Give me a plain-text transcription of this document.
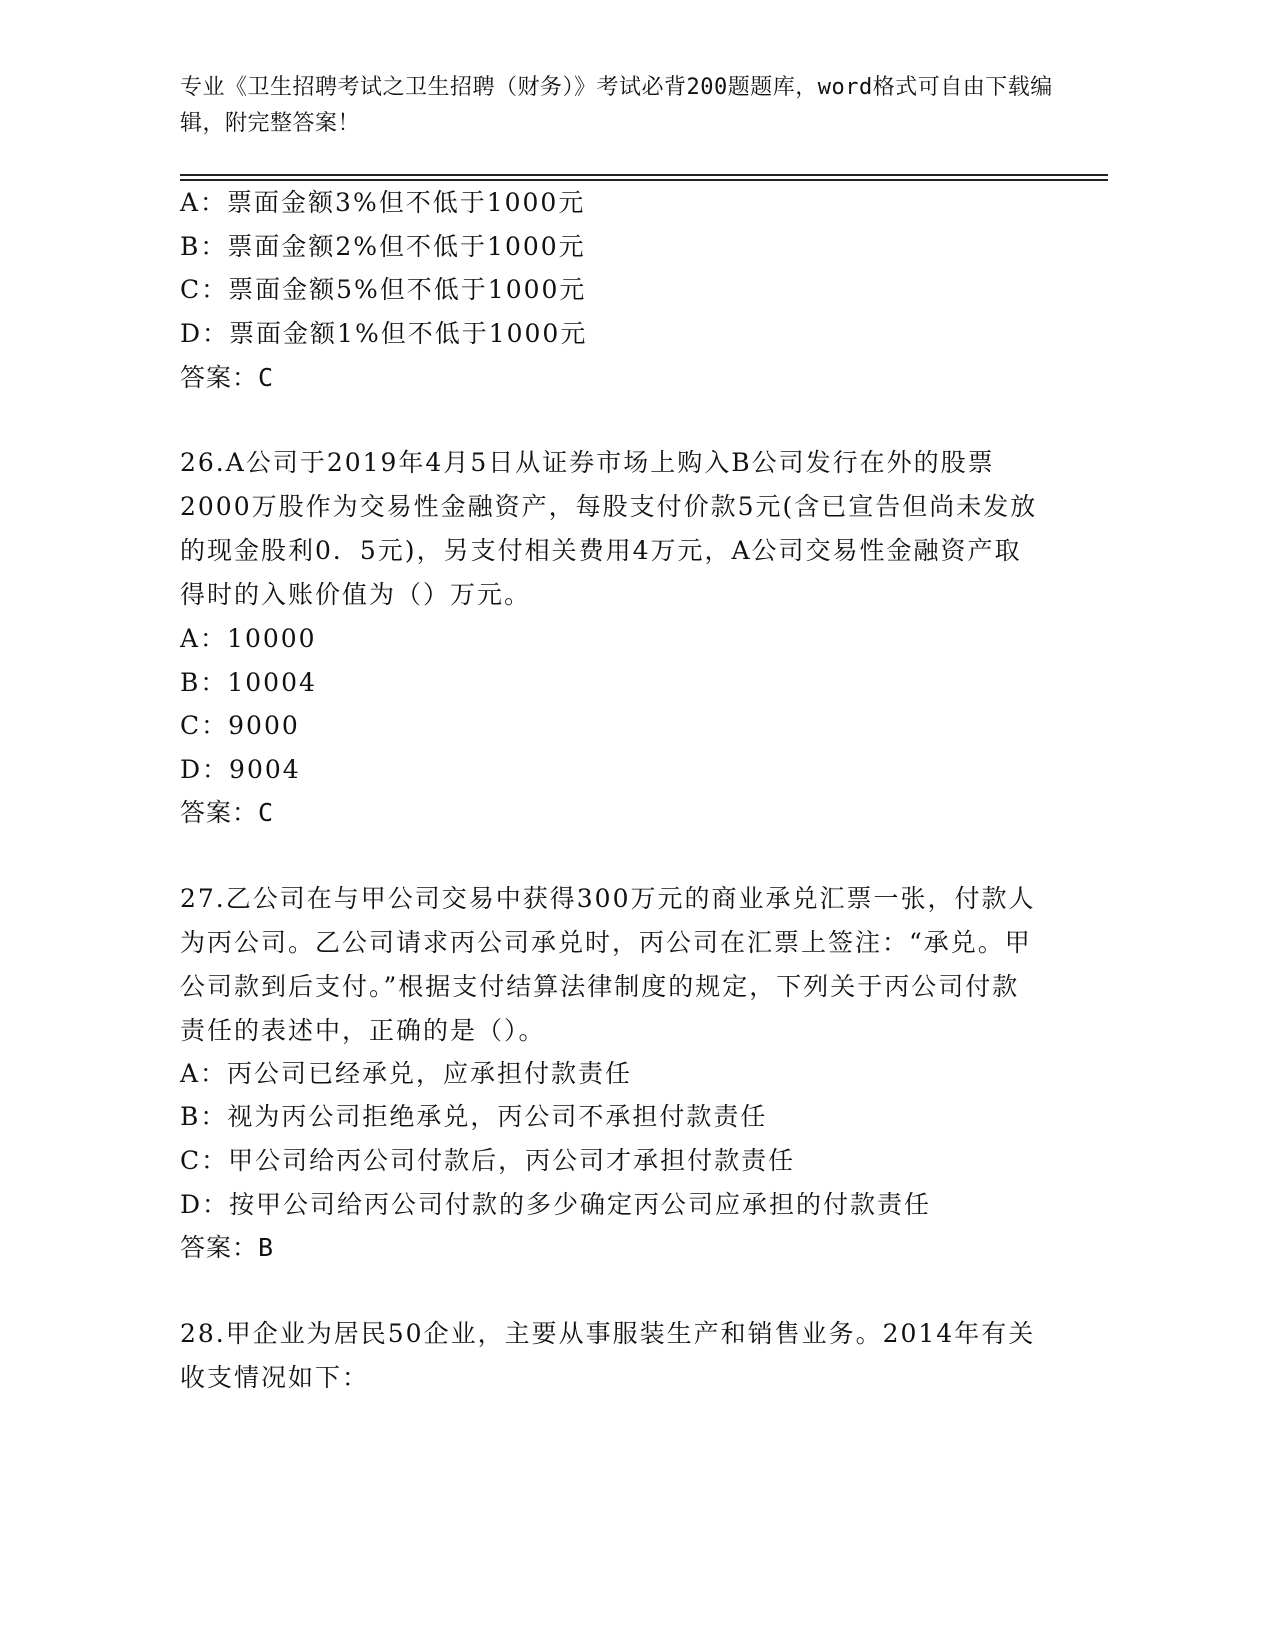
专业《卫生招聘考试之卫生招聘（财务）》考试必背200题题库，word格式可自由下载编辑，附完整答案！
A：票面金额3%但不低于1000元
B：票面金额2%但不低于1000元
C：票面金额5%但不低于1000元
D：票面金额1%但不低于1000元
答案：C
26.A公司于2019年4月5日从证券市场上购入B公司发行在外的股票2000万股作为交易性金融资产，每股支付价款5元(含已宣告但尚未发放的现金股利0．5元)，另支付相关费用4万元，A公司交易性金融资产取得时的入账价值为（）万元。
A：10000
B：10004
C：9000
D：9004
答案：C
27.乙公司在与甲公司交易中获得300万元的商业承兑汇票一张，付款人为丙公司。乙公司请求丙公司承兑时，丙公司在汇票上签注：“承兑。甲公司款到后支付。”根据支付结算法律制度的规定，下列关于丙公司付款责任的表述中，正确的是（）。
A：丙公司已经承兑，应承担付款责任
B：视为丙公司拒绝承兑，丙公司不承担付款责任
C：甲公司给丙公司付款后，丙公司才承担付款责任
D：按甲公司给丙公司付款的多少确定丙公司应承担的付款责任
答案：B
28.甲企业为居民50企业，主要从事服装生产和销售业务。2014年有关收支情况如下：
